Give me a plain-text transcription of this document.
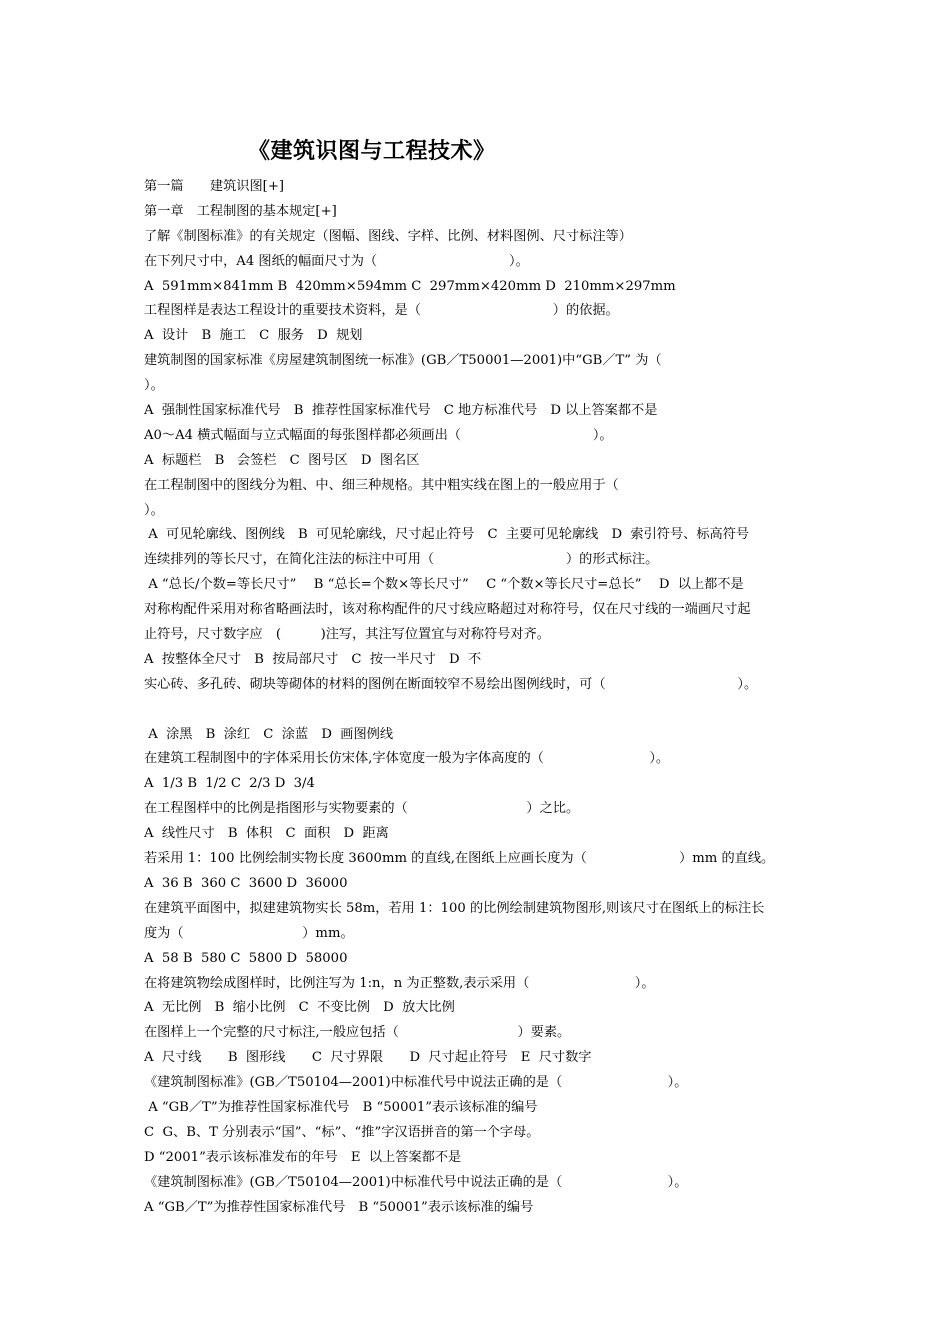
《建筑识图与工程技术》
第一篇　　建筑识图[+]
第一章　工程制图的基本规定[+]
了解《制图标准》的有关规定（图幅、图线、字样、比例、材料图例、尺寸标注等）
在下列尺寸中，A4 图纸的幅面尺寸为（　　　　　　　　　　）。
A  591mm×841mm B  420mm×594mm C  297mm×420mm D  210mm×297mm
工程图样是表达工程设计的重要技术资料，是（　　　　　　　　　　）的依据。
A  设计　B  施工　C  服务　D  规划
建筑制图的国家标准《房屋建筑制图统一标准》(GB／T50001—2001)中“GB／T” 为（
）。
A  强制性国家标准代号　B  推荐性国家标准代号　C 地方标准代号　D 以上答案都不是
A0～A4 横式幅面与立式幅面的每张图样都必须画出（　　　　　　　　　　）。
A  标题栏　B   会签栏　C  图号区　D  图名区
在工程制图中的图线分为粗、中、细三种规格。其中粗实线在图上的一般应用于（
）。
A  可见轮廓线、图例线　B  可见轮廓线，尺寸起止符号　C  主要可见轮廓线　D  索引符号、标高符号
连续排列的等长尺寸，在简化注法的标注中可用（　　　　　　　　　　）的形式标注。
A “总长/个数=等长尺寸”　 B “总长=个数×等长尺寸”　 C “个数×等长尺寸=总长”　 D  以上都不是
对称构配件采用对称省略画法时，该对称构配件的尺寸线应略超过对称符号，仅在尺寸线的一端画尺寸起
止符号，尺寸数字应　(　　　)注写，其注写位置宜与对称符号对齐。
A  按整体全尺寸　B  按局部尺寸　C  按一半尺寸　D  不
实心砖、多孔砖、砌块等砌体的材料的图例在断面较窄不易绘出图例线时，可（　　　　　　　　　　）。
A  涂黑　B  涂红　C  涂蓝　D  画图例线
在建筑工程制图中的字体采用长仿宋体,字体宽度一般为字体高度的（　　　　　　　　）。
A  1/3 B  1/2 C  2/3 D  3/4
在工程图样中的比例是指图形与实物要素的（　　　　　　　　　）之比。
A  线性尺寸　B  体积　C  面积　D  距离
若采用 1：100 比例绘制实物长度 3600mm 的直线,在图纸上应画长度为（　　　　　　　）mm 的直线。
A  36 B  360 C  3600 D  36000
在建筑平面图中，拟建建筑物实长 58m，若用 1：100 的比例绘制建筑物图形,则该尺寸在图纸上的标注长
度为（　　　　　　　　　）mm。
A  58 B  580 C  5800 D  58000
在将建筑物绘成图样时，比例注写为 1:n，n 为正整数,表示采用（　　　　　　　　）。
A  无比例　B  缩小比例　C  不变比例　D  放大比例
在图样上一个完整的尺寸标注,一般应包括（　　　　　　　　　）要素。
A  尺寸线　　B  图形线　　C  尺寸界限　　D  尺寸起止符号　E  尺寸数字
《建筑制图标准》(GB／T50104—2001)中标准代号中说法正确的是（　　　　　　　　）。
A “GB／T”为推荐性国家标准代号　B “50001”表示该标准的编号
C  G、B、T 分别表示“国”、“标”、“推”字汉语拼音的第一个字母。
D “2001”表示该标准发布的年号　E  以上答案都不是
《建筑制图标准》(GB／T50104—2001)中标准代号中说法正确的是（　　　　　　　　）。
A “GB／T”为推荐性国家标准代号　B “50001”表示该标准的编号
